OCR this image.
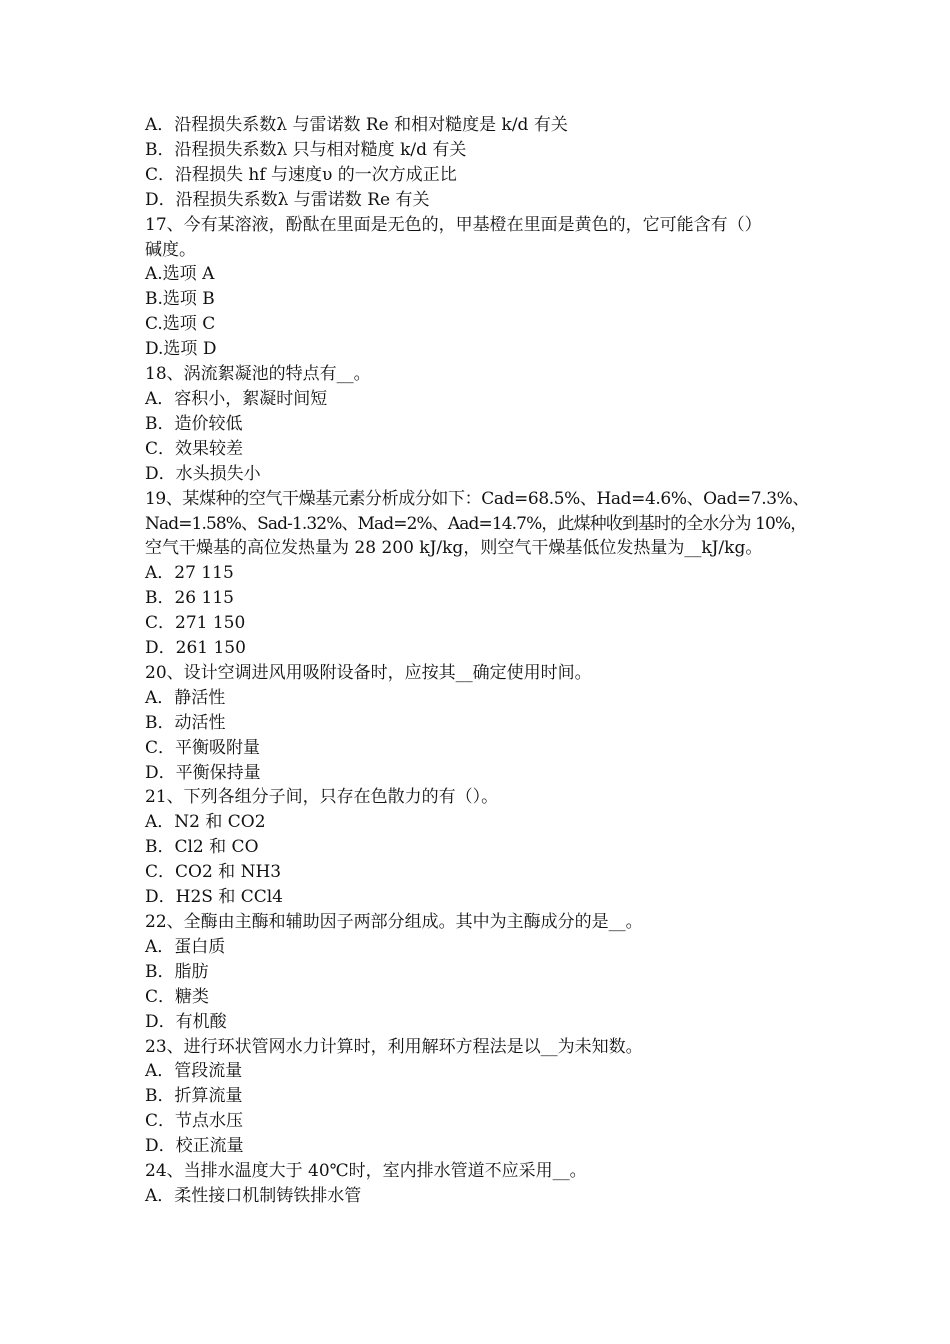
A．沿程损失系数λ 与雷诺数 Re 和相对糙度是 k/d 有关
B．沿程损失系数λ 只与相对糙度 k/d 有关
C．沿程损失 hf 与速度υ 的一次方成正比
D．沿程损失系数λ 与雷诺数 Re 有关
17、今有某溶液，酚酞在里面是无色的，甲基橙在里面是黄色的，它可能含有（）
碱度。
A.选项 A
B.选项 B
C.选项 C
D.选项 D
18、涡流絮凝池的特点有__。
A．容积小，絮凝时间短
B．造价较低
C．效果较差
D．水头损失小
19、某煤种的空气干燥基元素分析成分如下：Cad=68.5%、Had=4.6%、Oad=7.3%、
Nad=1.58%、Sad-1.32%、Mad=2%、Aad=14.7%，此煤种收到基时的全水分为 10%，
空气干燥基的高位发热量为 28 200 kJ/kg，则空气干燥基低位发热量为__kJ/kg。
A．27 115
B．26 115
C．271 150
D．261 150
20、设计空调进风用吸附设备时，应按其__确定使用时间。
A．静活性
B．动活性
C．平衡吸附量
D．平衡保持量
21、下列各组分子间，只存在色散力的有（）。
A．N2 和 CO2
B．Cl2 和 CO
C．CO2 和 NH3
D．H2S 和 CCl4
22、全酶由主酶和辅助因子两部分组成。其中为主酶成分的是__。
A．蛋白质
B．脂肪
C．糖类
D．有机酸
23、进行环状管网水力计算时，利用解环方程法是以__为未知数。
A．管段流量
B．折算流量
C．节点水压
D．校正流量
24、当排水温度大于 40℃时，室内排水管道不应采用__。
A．柔性接口机制铸铁排水管
